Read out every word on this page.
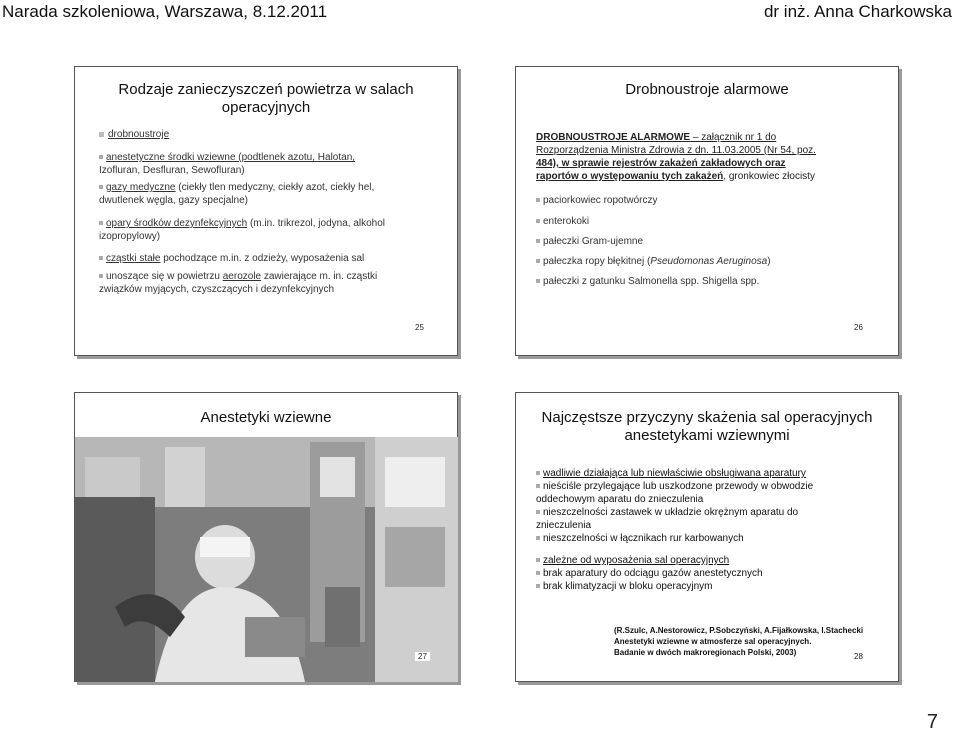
Narada szkoleniowa, Warszawa, 8.12.2011	dr inż. Anna Charkowska
Rodzaje zanieczyszczeń powietrza w salach
operacyjnych
drobnoustroje
anestetyczne środki wziewne (podtlenek azotu, Halotan,
Izofluran, Desfluran, Sewofluran)
gazy medyczne (ciekły tlen medyczny, ciekły azot, ciekły hel,
dwutlenek węgla, gazy specjalne)
opary środków dezynfekcyjnych (m.in. trikrezol, jodyna, alkohol
izopropylowy)
cząstki stałe pochodzące m.in. z odzieży, wyposażenia sal
unoszące się w powietrzu aerozole zawierające m. in. cząstki
związków myjących, czyszczących i dezynfekcyjnych
25
Drobnoustroje alarmowe
DROBNOUSTROJE ALARMOWE – załącznik nr 1 do
Rozporządzenia Ministra Zdrowia z dn. 11.03.2005 (Nr 54, poz.
484), w sprawie rejestrów zakażeń zakładowych oraz
raportów o występowaniu tych zakażeń, gronkowiec złocisty
paciorkowiec ropotwórczy
enterokoki
pałeczki Gram-ujemne
pałeczka ropy błękitnej (Pseudomonas Aeruginosa)
pałeczki z gatunku Salmonella spp. Shigella spp.
26
Anestetyki wziewne
27
Najczęstsze przyczyny skażenia sal operacyjnych
anestetykami wziewnymi
wadliwie działająca lub niewłaściwie obsługiwana aparatury
nieściśle przylegające lub uszkodzone przewody w obwodzie
oddechowym aparatu do znieczulenia
nieszczelności zastawek w układzie okrężnym aparatu do
znieczulenia
nieszczelności w łącznikach rur karbowanych
zależne od wyposażenia sal operacyjnych
brak aparatury do odciągu gazów anestetycznych
brak klimatyzacji w bloku operacyjnym
(R.Szulc, A.Nestorowicz, P.Sobczyński, A.Fijałkowska, I.Stachecki
Anestetyki wziewne w atmosferze sal operacyjnych.
Badanie w dwóch makroregionach Polski, 2003)	28
7
